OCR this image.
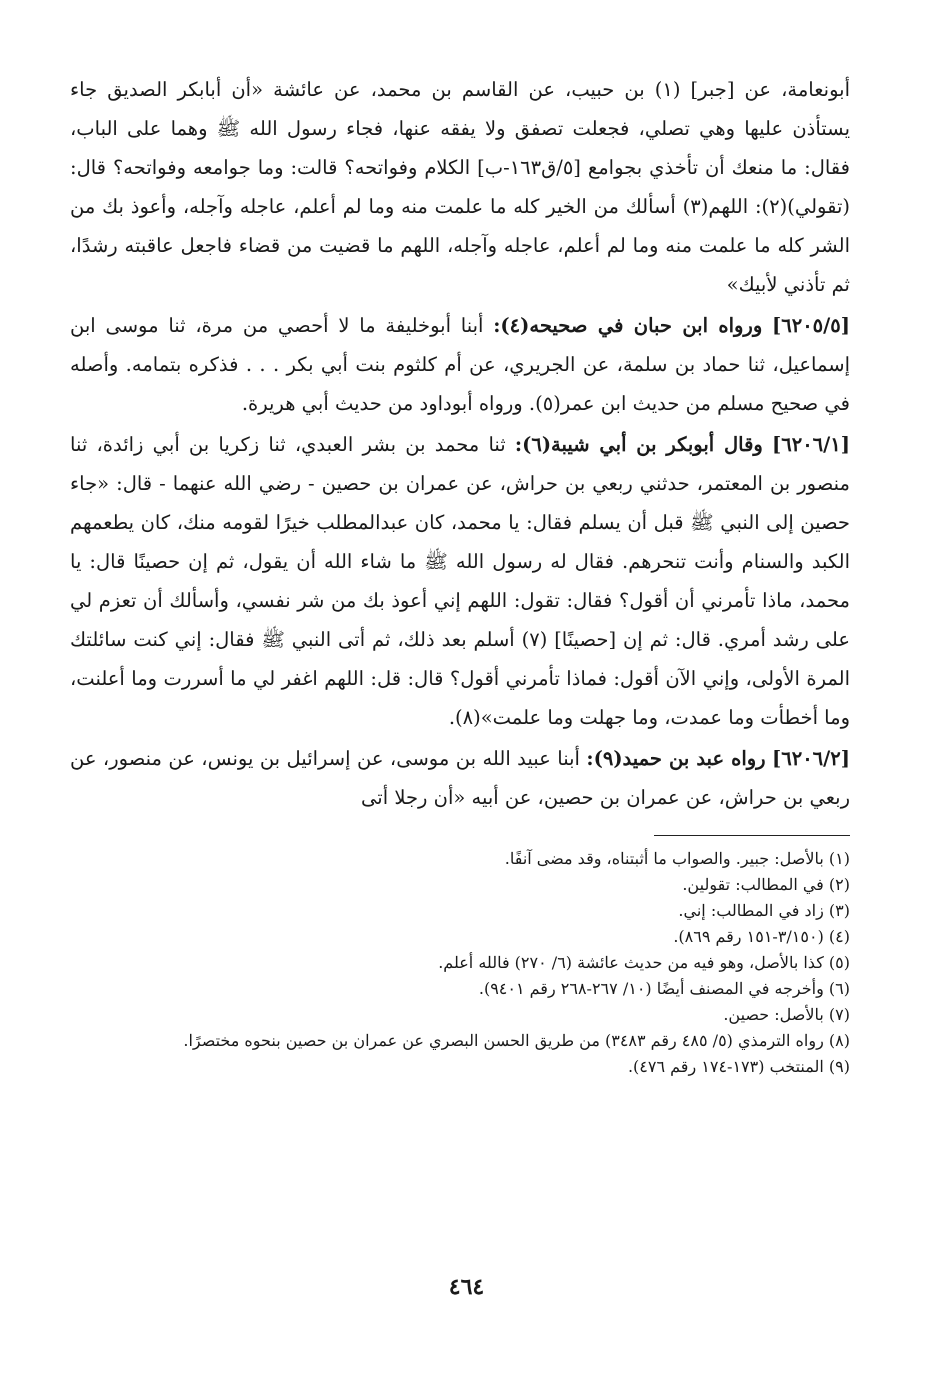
أبونعامة، عن [جبر] (١) بن حبيب، عن القاسم بن محمد، عن عائشة «أن أبابكر الصديق جاء يستأذن عليها وهي تصلي، فجعلت تصفق ولا يفقه عنها، فجاء رسول الله ﷺ وهما على الباب، فقال: ما منعك أن تأخذي بجوامع [٥/ق١٦٣-ب] الكلام وفواتحه؟ قالت: وما جوامعه وفواتحه؟ قال: (تقولي)(٢): اللهم(٣) أسألك من الخير كله ما علمت منه وما لم أعلم، عاجله وآجله، وأعوذ بك من الشر كله ما علمت منه وما لم أعلم، عاجله وآجله، اللهم ما قضيت من قضاء فاجعل عاقبته رشدًا، ثم تأذني لأبيك»

[٦٢٠٥/٥] ورواه ابن حبان في صحيحه(٤): أبنا أبوخليفة ما لا أحصي من مرة، ثنا موسى ابن إسماعيل، ثنا حماد بن سلمة، عن الجريري، عن أم كلثوم بنت أبي بكر . . . فذكره بتمامه. وأصله في صحيح مسلم من حديث ابن عمر(٥). ورواه أبوداود من حديث أبي هريرة.

[٦٢٠٦/١] وقال أبوبكر بن أبي شيبة(٦): ثنا محمد بن بشر العبدي، ثنا زكريا بن أبي زائدة، ثنا منصور بن المعتمر، حدثني ربعي بن حراش، عن عمران بن حصين - رضي الله عنهما - قال: «جاء حصين إلى النبي ﷺ قبل أن يسلم فقال: يا محمد، كان عبدالمطلب خيرًا لقومه منك، كان يطعمهم الكبد والسنام وأنت تنحرهم. فقال له رسول الله ﷺ ما شاء الله أن يقول، ثم إن حصينًا قال: يا محمد، ماذا تأمرني أن أقول؟ فقال: تقول: اللهم إني أعوذ بك من شر نفسي، وأسألك أن تعزم لي على رشد أمري. قال: ثم إن [حصينًا] (٧) أسلم بعد ذلك، ثم أتى النبي ﷺ فقال: إني كنت سائلتك المرة الأولى، وإني الآن أقول: فماذا تأمرني أقول؟ قال: قل: اللهم اغفر لي ما أسررت وما أعلنت، وما أخطأت وما عمدت، وما جهلت وما علمت»(٨).

[٦٢٠٦/٢] رواه عبد بن حميد(٩): أبنا عبيد الله بن موسى، عن إسرائيل بن يونس، عن منصور، عن ربعي بن حراش، عن عمران بن حصين، عن أبيه «أن رجلا أتى

(١) بالأصل: جبير. والصواب ما أثبتناه، وقد مضى آنفًا.

(٢) في المطالب: تقولين.

(٣) زاد في المطالب: إني.

(٤) (٣/١٥٠-١٥١ رقم ٨٦٩).

(٥) كذا بالأصل، وهو فيه من حديث عائشة (٦/ ٢٧٠) فالله أعلم.

(٦) وأخرجه في المصنف أيضًا (١٠/ ٢٦٧-٢٦٨ رقم ٩٤٠١).

(٧) بالأصل: حصين.

(٨) رواه الترمذي (٥/ ٤٨٥ رقم ٣٤٨٣) من طريق الحسن البصري عن عمران بن حصين بنحوه مختصرًا.

(٩) المنتخب (١٧٣-١٧٤ رقم ٤٧٦).

٤٦٤
